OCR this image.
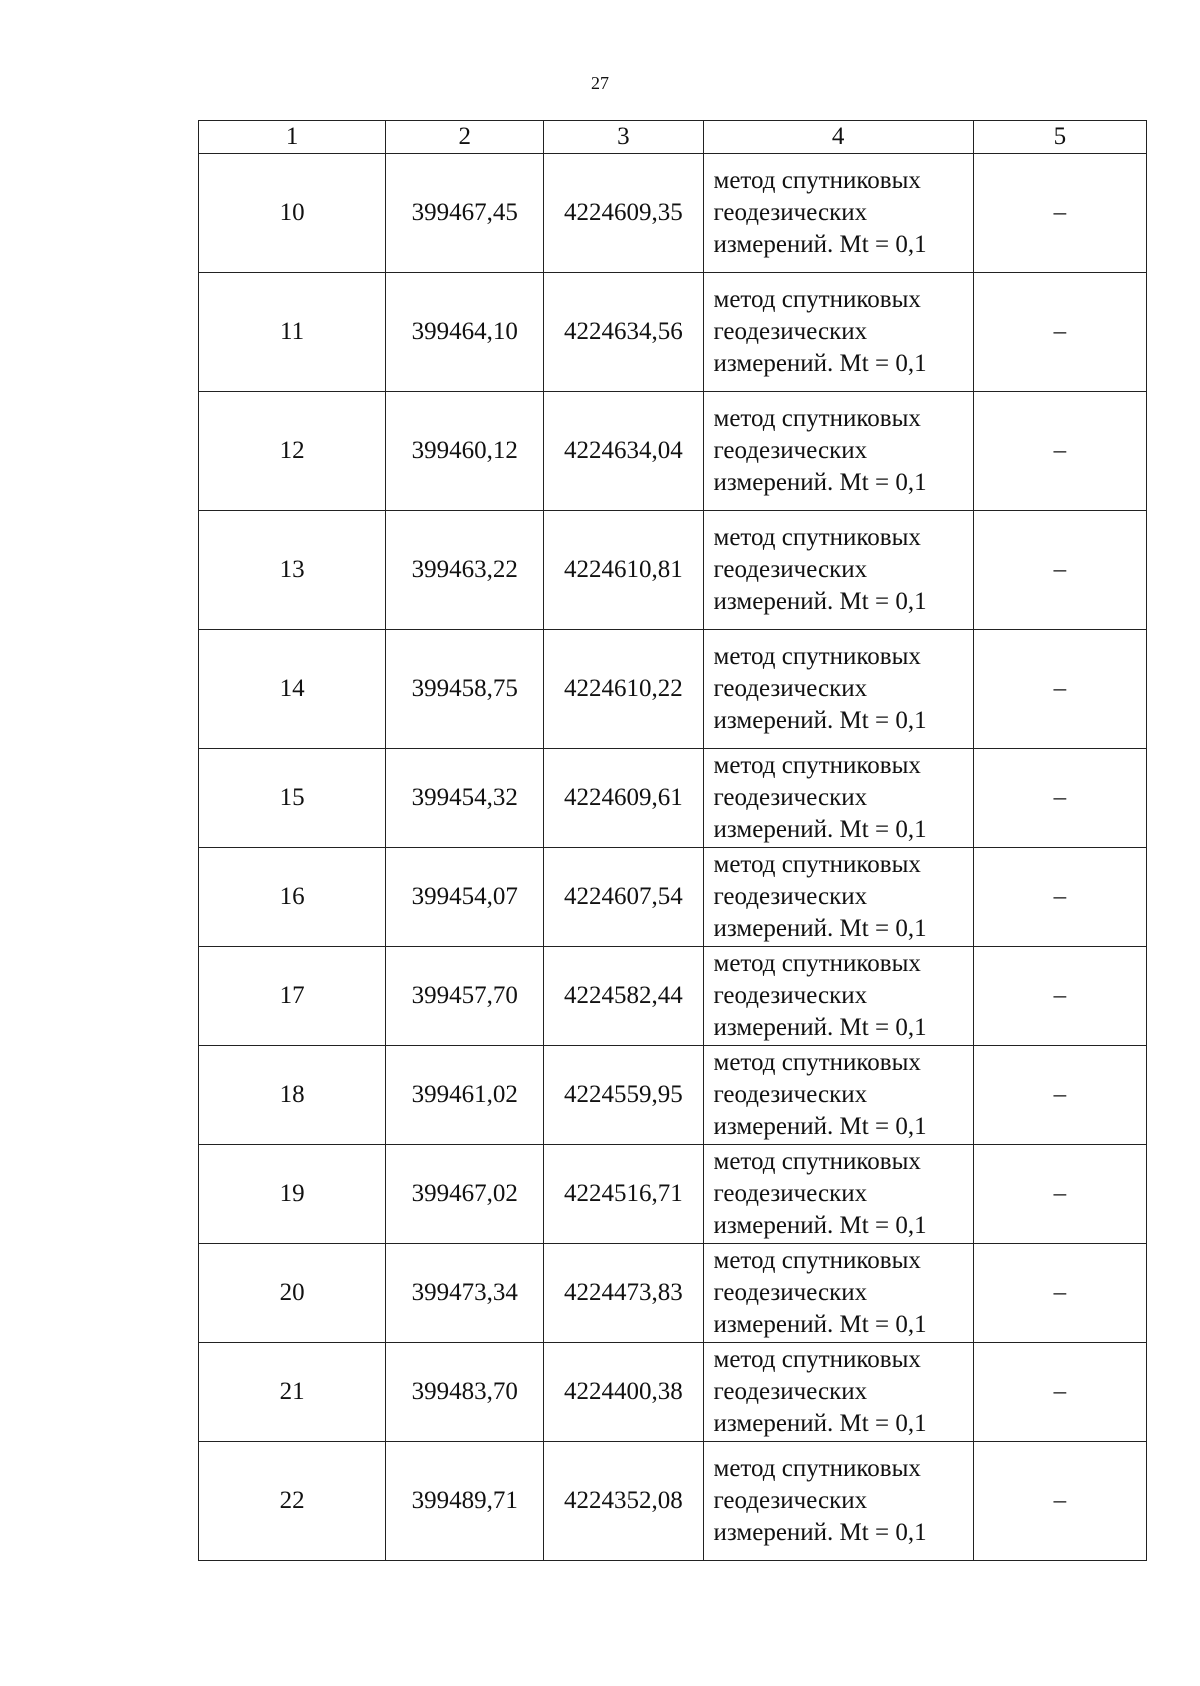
27
1	2	3	4	5
10	399467,45	4224609,35	метод спутниковых
геодезических
измерений. Mt = 0,1	–
11	399464,10	4224634,56	метод спутниковых
геодезических
измерений. Mt = 0,1	–
12	399460,12	4224634,04	метод спутниковых
геодезических
измерений. Mt = 0,1	–
13	399463,22	4224610,81	метод спутниковых
геодезических
измерений. Mt = 0,1	–
14	399458,75	4224610,22	метод спутниковых
геодезических
измерений. Mt = 0,1	–
15	399454,32	4224609,61	метод спутниковых
геодезических
измерений. Mt = 0,1	–
16	399454,07	4224607,54	метод спутниковых
геодезических
измерений. Mt = 0,1	–
17	399457,70	4224582,44	метод спутниковых
геодезических
измерений. Mt = 0,1	–
18	399461,02	4224559,95	метод спутниковых
геодезических
измерений. Mt = 0,1	–
19	399467,02	4224516,71	метод спутниковых
геодезических
измерений. Mt = 0,1	–
20	399473,34	4224473,83	метод спутниковых
геодезических
измерений. Mt = 0,1	–
21	399483,70	4224400,38	метод спутниковых
геодезических
измерений. Mt = 0,1	–
22	399489,71	4224352,08	метод спутниковых
геодезических
измерений. Mt = 0,1	–
